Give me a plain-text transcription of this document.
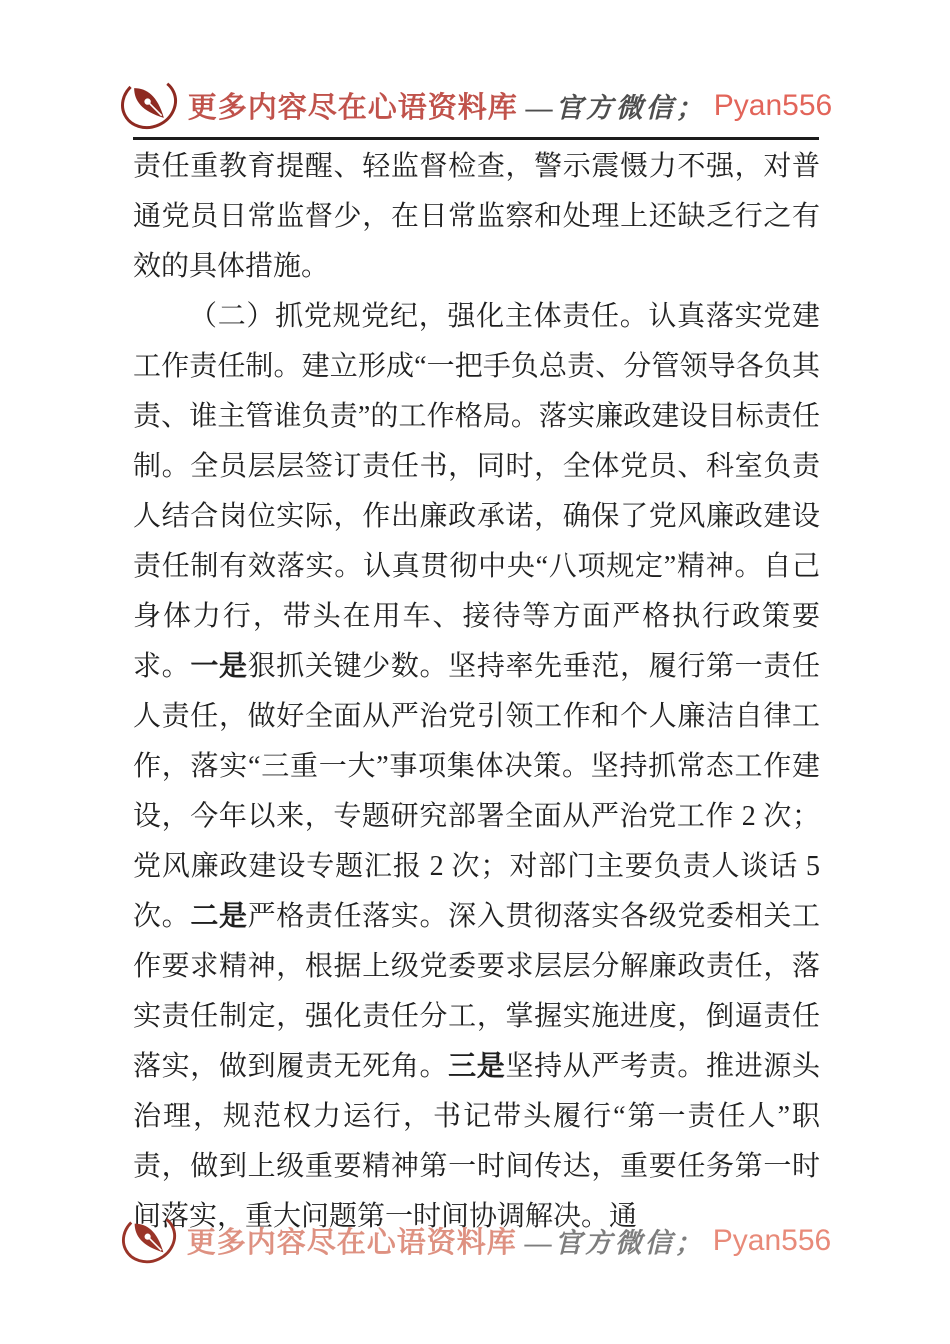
更多内容尽在心语资料库 —官方微信； Pyan556

责任重教育提醒、轻监督检查，警示震慑力不强，对普通党员日常监督少，在日常监察和处理上还缺乏行之有效的具体措施。

（二）抓党规党纪，强化主体责任。认真落实党建工作责任制。建立形成“一把手负总责、分管领导各负其责、谁主管谁负责”的工作格局。落实廉政建设目标责任制。全员层层签订责任书，同时，全体党员、科室负责人结合岗位实际，作出廉政承诺，确保了党风廉政建设责任制有效落实。认真贯彻中央“八项规定”精神。自己身体力行，带头在用车、接待等方面严格执行政策要求。一是狠抓关键少数。坚持率先垂范，履行第一责任人责任，做好全面从严治党引领工作和个人廉洁自律工作，落实“三重一大”事项集体决策。坚持抓常态工作建设，今年以来，专题研究部署全面从严治党工作 2 次；党风廉政建设专题汇报 2 次；对部门主要负责人谈话 5 次。二是严格责任落实。深入贯彻落实各级党委相关工作要求精神，根据上级党委要求层层分解廉政责任，落实责任制定，强化责任分工，掌握实施进度，倒逼责任落实，做到履责无死角。三是坚持从严考责。推进源头治理，规范权力运行，书记带头履行“第一责任人”职责，做到上级重要精神第一时间传达，重要任务第一时间落实，重大问题第一时间协调解决。通

更多内容尽在心语资料库 —官方微信； Pyan556
